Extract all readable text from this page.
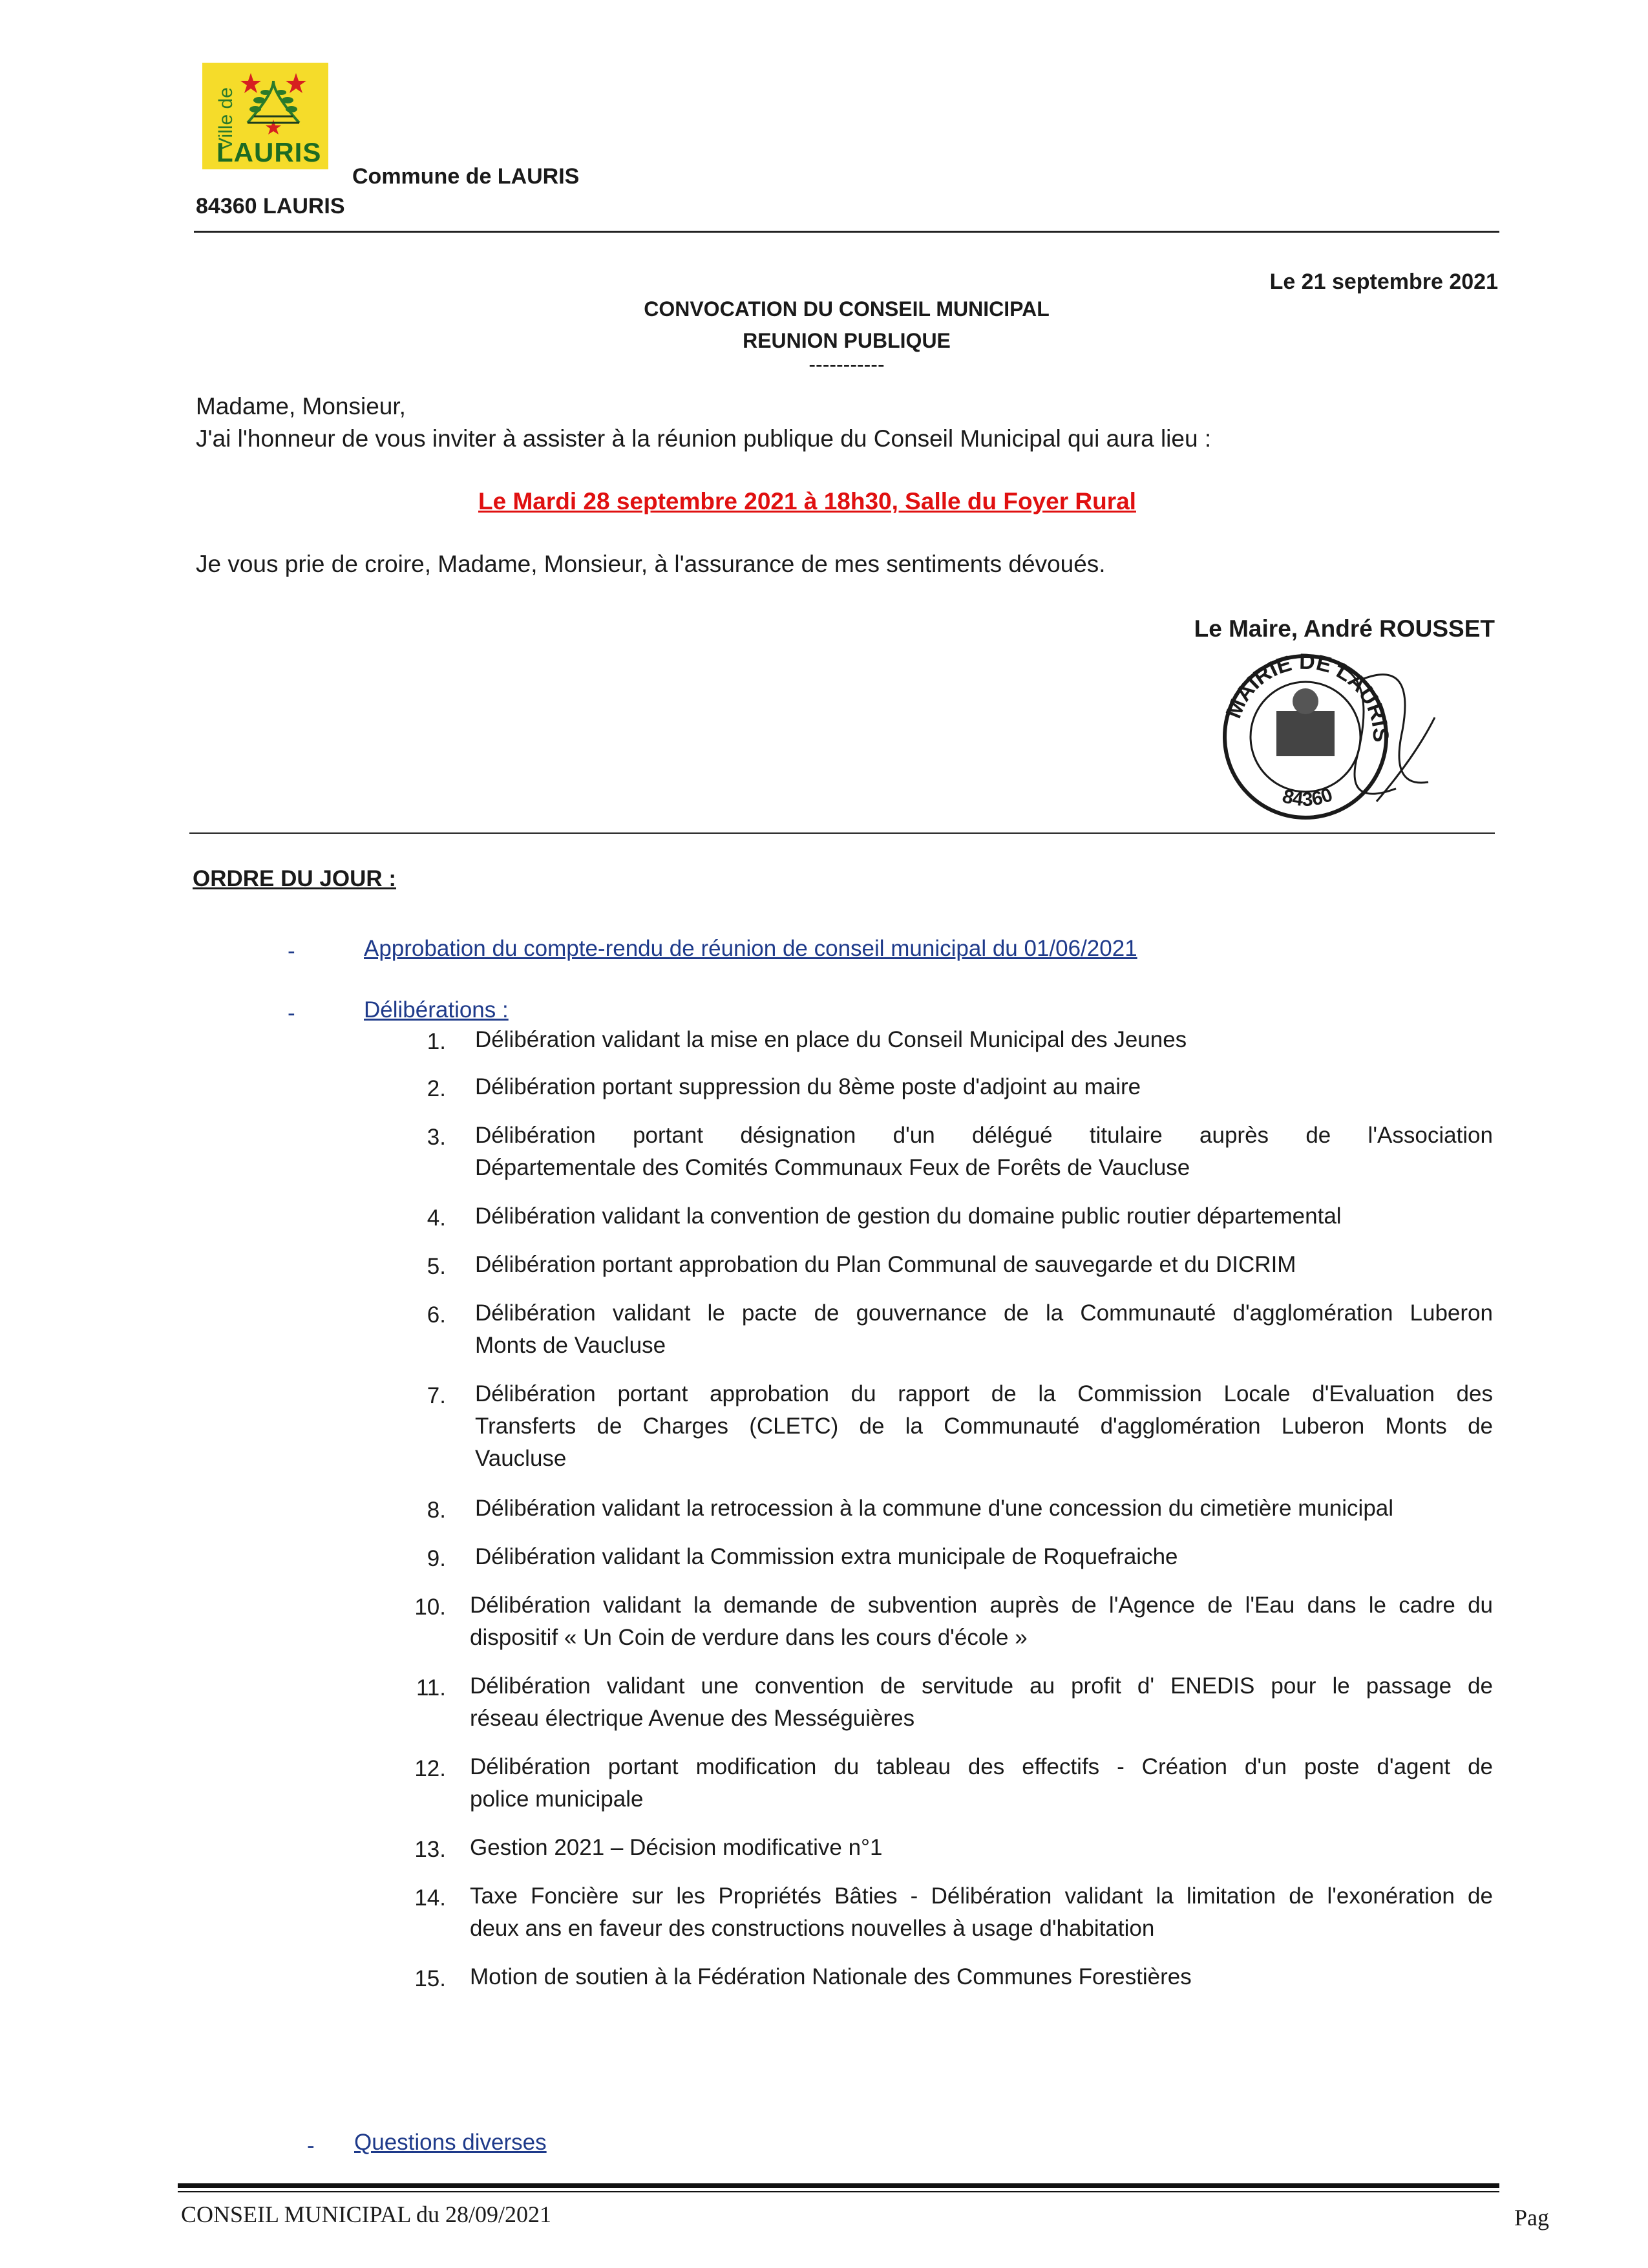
Ville de
LAURIS
Commune de LAURIS
84360 LAURIS
Le 21 septembre 2021
CONVOCATION DU CONSEIL MUNICIPAL
REUNION PUBLIQUE
-----------
Madame, Monsieur,
J'ai l'honneur de vous inviter à assister à la réunion publique du Conseil Municipal qui aura lieu :
Le Mardi 28 septembre 2021 à 18h30, Salle du Foyer Rural
Je vous prie de croire, Madame, Monsieur, à l'assurance de mes sentiments dévoués.
Le Maire, André ROUSSET
MAIRIE DE LAURIS
84360
ORDRE DU JOUR :
-	Approbation du compte-rendu de réunion de conseil municipal du 01/06/2021
-	Délibérations :
1. Délibération validant la mise en place du Conseil Municipal des Jeunes
2. Délibération portant suppression du 8ème poste d'adjoint au maire
3. Délibération portant désignation d'un délégué titulaire auprès de l'Association
Départementale des Comités Communaux Feux de Forêts de Vaucluse
4. Délibération validant la convention de gestion du domaine public routier départemental
5. Délibération portant approbation du Plan Communal de sauvegarde et du DICRIM
6. Délibération validant le pacte de gouvernance de la Communauté d'agglomération Luberon
Monts de Vaucluse
7. Délibération portant approbation du rapport de la Commission Locale d'Evaluation des
Transferts de Charges (CLETC) de la Communauté d'agglomération Luberon Monts de
Vaucluse
8. Délibération validant la retrocession à la commune d'une concession du cimetière municipal
9. Délibération validant la Commission extra municipale de Roquefraiche
10. Délibération validant la demande de subvention auprès de l'Agence de l'Eau dans le cadre du
dispositif « Un Coin de verdure dans les cours d'école »
11. Délibération validant une convention de servitude au profit d' ENEDIS pour le passage de
réseau électrique Avenue des Mességuières
12. Délibération portant modification du tableau des effectifs - Création d'un poste d'agent de
police municipale
13. Gestion 2021 – Décision modificative n°1
14. Taxe Foncière sur les Propriétés Bâties - Délibération validant la limitation de l'exonération de
deux ans en faveur des constructions nouvelles à usage d'habitation
15. Motion de soutien à la Fédération Nationale des Communes Forestières
- Questions diverses
CONSEIL MUNICIPAL du 28/09/2021	Pag
